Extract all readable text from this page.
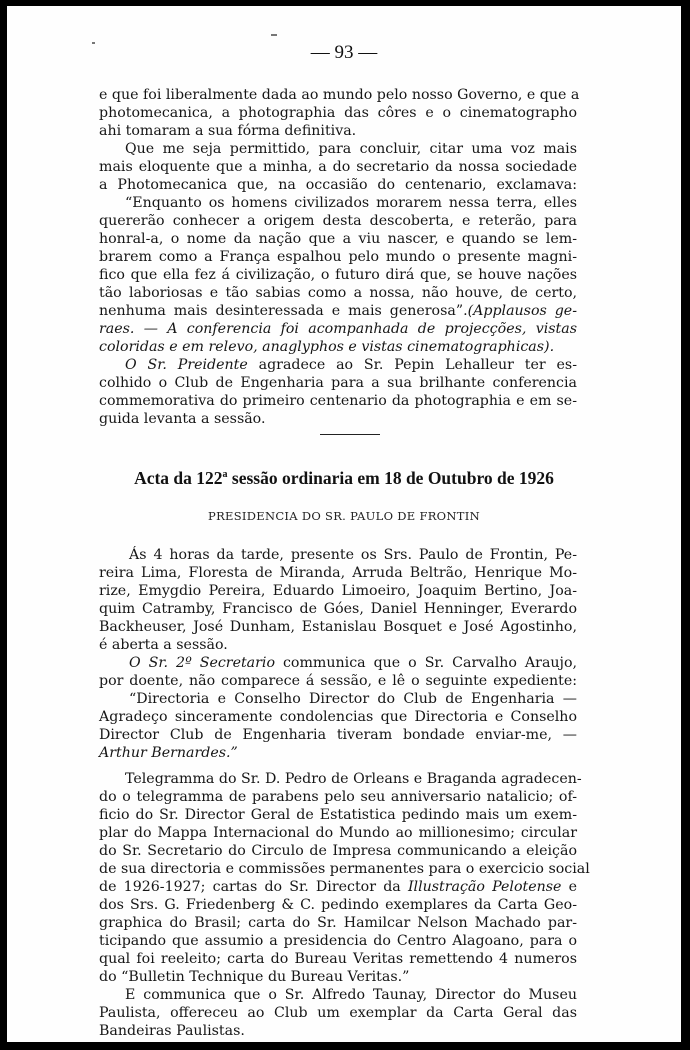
— 93 —
e que foi liberalmente dada ao mundo pelo nosso Governo, e que a
photomecanica, a photographia das côres e o cinematographo
ahi tomaram a sua fórma definitiva.
Que me seja permittido, para concluir, citar uma voz mais
mais eloquente que a minha, a do secretario da nossa sociedade
a Photomecanica que, na occasião do centenario, exclamava:
“Enquanto os homens civilizados morarem nessa terra, elles
quererão conhecer a origem desta descoberta, e reterão, para
honral-a, o nome da nação que a viu nascer, e quando se lem-
brarem como a França espalhou pelo mundo o presente magni-
fico que ella fez á civilização, o futuro dirá que, se houve nações
tão laboriosas e tão sabias como a nossa, não houve, de certo,
nenhuma mais desinteressada e mais generosa”.(Applausos ge-
raes. — A conferencia foi acompanhada de projecções, vistas
coloridas e em relevo, anaglyphos e vistas cinematographicas).
O Sr. Preidente agradece ao Sr. Pepin Lehalleur ter es-
colhido o Club de Engenharia para a sua brilhante conferencia
commemorativa do primeiro centenario da photographia e em se-
guida levanta a sessão.
Acta da 122$^a$ sessão ordinaria em 18 de Outubro de 1926
PRESIDENCIA DO SR. PAULO DE FRONTIN
Ás 4 horas da tarde, presente os Srs. Paulo de Frontin, Pe-
reira Lima, Floresta de Miranda, Arruda Beltrão, Henrique Mo-
rize, Emygdio Pereira, Eduardo Limoeiro, Joaquim Bertino, Joa-
quim Catramby, Francisco de Góes, Daniel Henninger, Everardo
Backheuser, José Dunham, Estanislau Bosquet e José Agostinho,
é aberta a sessão.
O Sr. 2º Secretario communica que o Sr. Carvalho Araujo,
por doente, não comparece á sessão, e lê o seguinte expediente:
“Directoria e Conselho Director do Club de Engenharia —
Agradeço sinceramente condolencias que Directoria e Conselho
Director Club de Engenharia tiveram bondade enviar-me, —
Arthur Bernardes.”
Telegramma do Sr. D. Pedro de Orleans e Braganda agradecen-
do o telegramma de parabens pelo seu anniversario natalicio; of-
ficio do Sr. Director Geral de Estatistica pedindo mais um exem-
plar do Mappa Internacional do Mundo ao millionesimo; circular
do Sr. Secretario do Circulo de Impresa communicando a eleição
de sua directoria e commissões permanentes para o exercicio social
de 1926-1927; cartas do Sr. Director da Illustração Pelotense e
dos Srs. G. Friedenberg & C. pedindo exemplares da Carta Geo-
graphica do Brasil; carta do Sr. Hamilcar Nelson Machado par-
ticipando que assumio a presidencia do Centro Alagoano, para o
qual foi reeleito; carta do Bureau Veritas remettendo 4 numeros
do “Bulletin Technique du Bureau Veritas.”
E communica que o Sr. Alfredo Taunay, Director do Museu
Paulista, offereceu ao Club um exemplar da Carta Geral das
Bandeiras Paulistas.
